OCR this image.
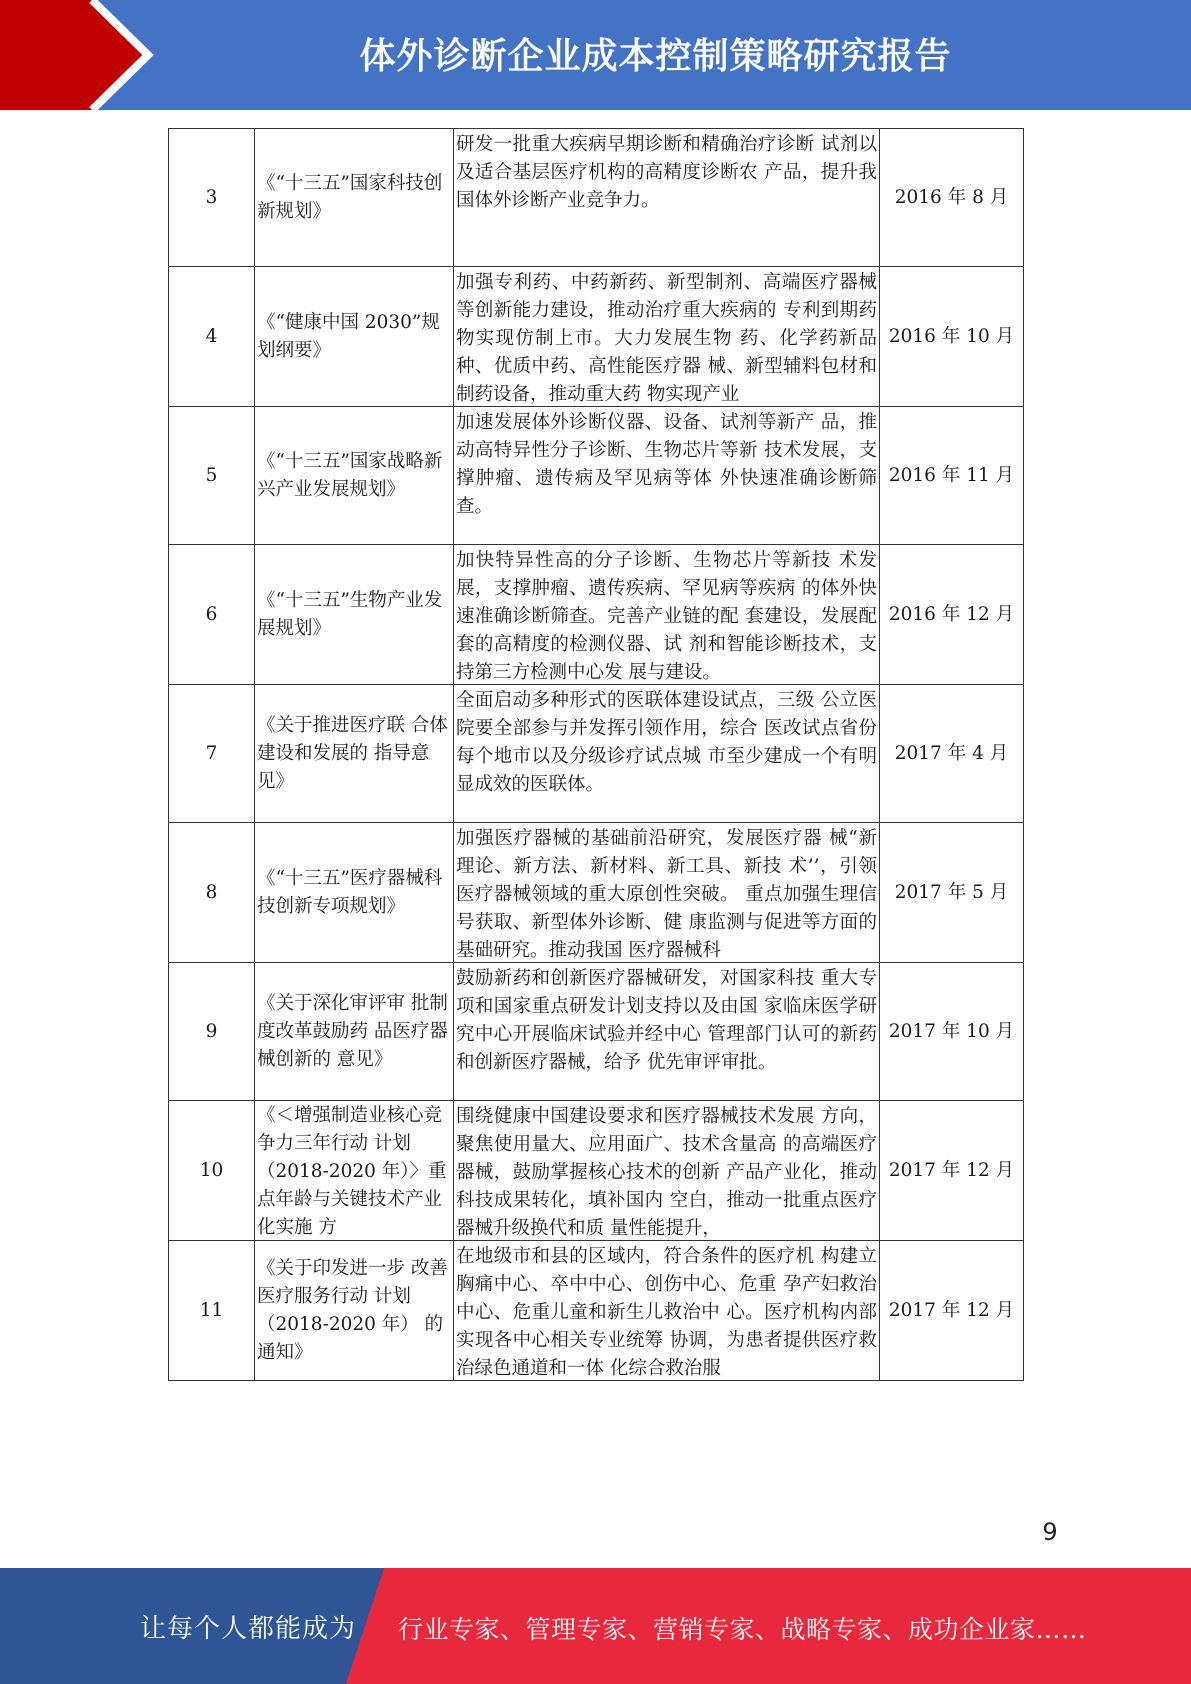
体外诊断企业成本控制策略研究报告
3	《“十三五”国家科技创新规划》	研发一批重大疾病早期诊断和精确治疗诊断 试剂以及适合基层医疗机构的高精度诊断农 产品，提升我国体外诊断产业竞争力。	2016 年 8 月

4	《“健康中国 2030”规划纲要》	加强专利药、中药新药、新型制剂、高端医疗器械等创新能力建设，推动治疗重大疾病的 专利到期药物实现仿制上市。大力发展生物 药、化学药新品种、优质中药、高性能医疗器 械、新型辅料包材和制药设备，推动重大药 物实现产业	2016 年 10 月

5	《“十三五”国家战略新兴产业发展规划》	加速发展体外诊断仪器、设备、试剂等新产 品，推动高特异性分子诊断、生物芯片等新 技术发展，支撑肿瘤、遗传病及罕见病等体 外快速准确诊断筛查。	2016 年 11 月

6	《“十三五”生物产业发展规划》	加快特异性高的分子诊断、生物芯片等新技 术发展，支撑肿瘤、遗传疾病、罕见病等疾病 的体外快速准确诊断筛查。完善产业链的配 套建设，发展配套的高精度的检测仪器、试 剂和智能诊断技术，支持第三方检测中心发 展与建设。	2016 年 12 月

7	《关于推进医疗联 合体建设和发展的 指导意见》	全面启动多种形式的医联体建设试点，三级 公立医院要全部参与并发挥引领作用，综合 医改试点省份每个地市以及分级诊疗试点城 市至少建成一个有明显成效的医联体。	2017 年 4 月

8	《“十三五”医疗器械科技创新专项规划》	加强医疗器械的基础前沿研究，发展医疗器 械“新理论、新方法、新材料、新工具、新技 术’’，引领医疗器械领域的重大原创性突破。 重点加强生理信号获取、新型体外诊断、健 康监测与促进等方面的基础研究。推动我国 医疗器械科	2017 年 5 月

9	《关于深化审评审 批制度改革鼓励药 品医疗器械创新的 意见》	鼓励新药和创新医疗器械研发，对国家科技 重大专项和国家重点研发计划支持以及由国 家临床医学研究中心开展临床试验并经中心 管理部门认可的新药和创新医疗器械，给予 优先审评审批。	2017 年 10 月

10	《＜增强制造业核心竞争力三年行动 计划 （2018-2020 年）〉重点年龄与关键技术产业化实施 方	围绕健康中国建设要求和医疗器械技术发展 方向，聚焦使用量大、应用面广、技术含量高 的高端医疗器械，鼓励掌握核心技术的创新 产品产业化，推动科技成果转化，填补国内 空白，推动一批重点医疗器械升级换代和质 量性能提升，	2017 年 12 月

11	《关于印发进一步 改善医疗服务行动 计划（2018-2020 年） 的通知》	在地级市和县的区域内，符合条件的医疗机 构建立胸痛中心、卒中中心、创伤中心、危重 孕产妇救治中心、危重儿童和新生儿救治中 心。医疗机构内部实现各中心相关专业统筹 协调，为患者提供医疗救治绿色通道和一体 化综合救治服	2017 年 12 月
9
让每个人都能成为 行业专家、管理专家、营销专家、战略专家、成功企业家……
